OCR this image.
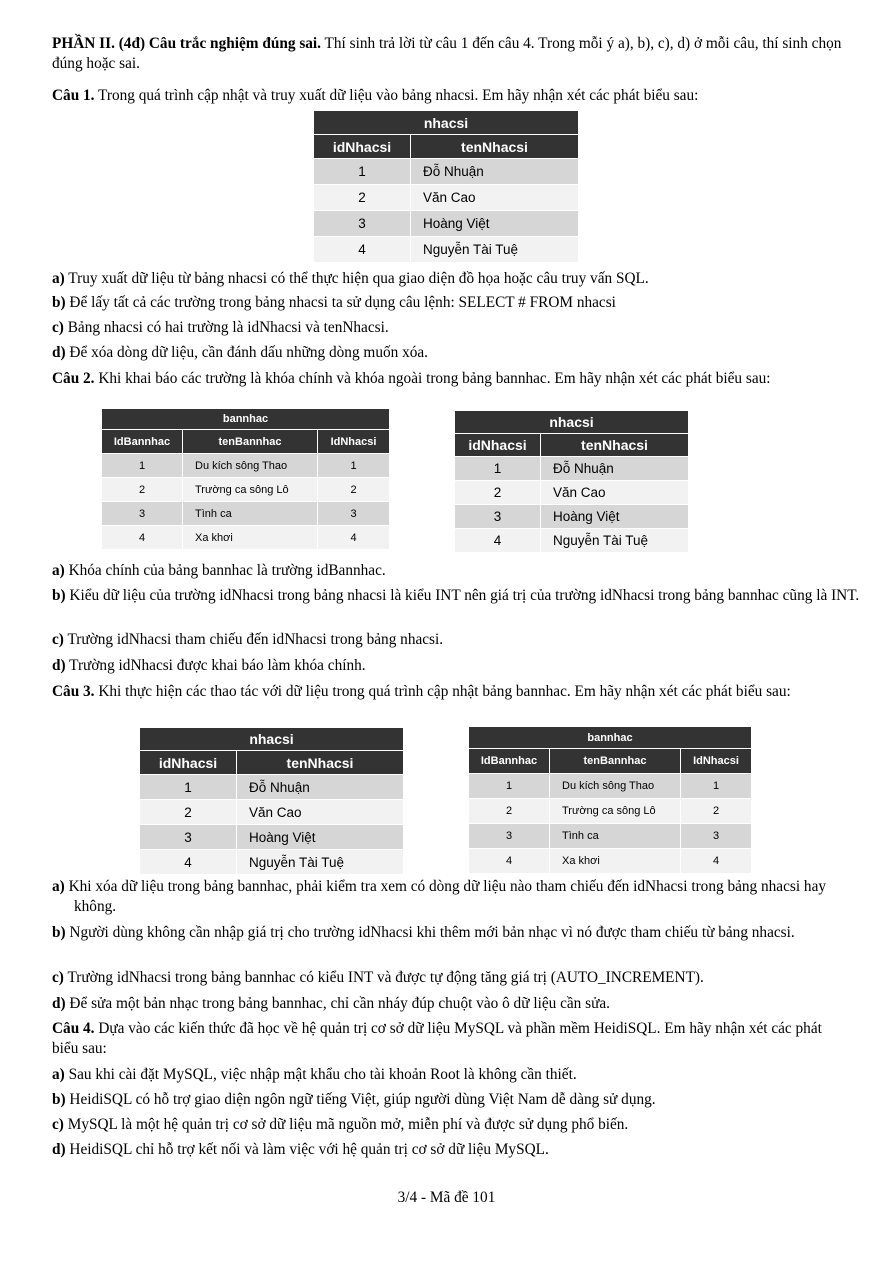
PHẦN II. (4đ) Câu trắc nghiệm đúng sai. Thí sinh trả lời từ câu 1 đến câu 4. Trong mỗi ý a), b), c), d) ở mỗi câu, thí sinh chọn đúng hoặc sai.

Câu 1. Trong quá trình cập nhật và truy xuất dữ liệu vào bảng nhacsi. Em hãy nhận xét các phát biểu sau:

nhacsi	
idNhacsi	tenNhacsi
1	Đỗ Nhuận
2	Văn Cao
3	Hoàng Việt
4	Nguyễn Tài Tuệ

a) Truy xuất dữ liệu từ bảng nhacsi có thể thực hiện qua giao diện đồ họa hoặc câu truy vấn SQL.

b) Để lấy tất cả các trường trong bảng nhacsi ta sử dụng câu lệnh: SELECT # FROM nhacsi

c) Bảng nhacsi có hai trường là idNhacsi và tenNhacsi.

d) Để xóa dòng dữ liệu, cần đánh dấu những dòng muốn xóa.

Câu 2. Khi khai báo các trường là khóa chính và khóa ngoài trong bảng bannhac. Em hãy nhận xét các phát biểu sau:

bannhac		
IdBannhac	tenBannhac	IdNhacsi
1	Du kích sông Thao	1
2	Trường ca sông Lô	2
3	Tình ca	3
4	Xa khơi	4
nhacsi	
idNhacsi	tenNhacsi
1	Đỗ Nhuận
2	Văn Cao
3	Hoàng Việt
4	Nguyễn Tài Tuệ

a) Khóa chính của bảng bannhac là trường idBannhac.

b) Kiểu dữ liệu của trường idNhacsi trong bảng nhacsi là kiểu INT nên giá trị của trường idNhacsi trong bảng bannhac cũng là INT.

c) Trường idNhacsi tham chiếu đến idNhacsi trong bảng nhacsi.

d) Trường idNhacsi được khai báo làm khóa chính.

Câu 3. Khi thực hiện các thao tác với dữ liệu trong quá trình cập nhật bảng bannhac. Em hãy nhận xét các phát biểu sau:

nhacsi	
idNhacsi	tenNhacsi
1	Đỗ Nhuận
2	Văn Cao
3	Hoàng Việt
4	Nguyễn Tài Tuệ
bannhac		
IdBannhac	tenBannhac	IdNhacsi
1	Du kích sông Thao	1
2	Trường ca sông Lô	2
3	Tình ca	3
4	Xa khơi	4

a) Khi xóa dữ liệu trong bảng bannhac, phải kiểm tra xem có dòng dữ liệu nào tham chiếu đến idNhacsi trong bảng nhacsi hay không.

b) Người dùng không cần nhập giá trị cho trường idNhacsi khi thêm mới bản nhạc vì nó được tham chiếu từ bảng nhacsi.

c) Trường idNhacsi trong bảng bannhac có kiểu INT và được tự động tăng giá trị (AUTO_INCREMENT).

d) Để sửa một bản nhạc trong bảng bannhac, chỉ cần nháy đúp chuột vào ô dữ liệu cần sửa.

Câu 4. Dựa vào các kiến thức đã học về hệ quản trị cơ sở dữ liệu MySQL và phần mềm HeidiSQL. Em hãy nhận xét các phát biểu sau:

a) Sau khi cài đặt MySQL, việc nhập mật khẩu cho tài khoản Root là không cần thiết.

b) HeidiSQL có hỗ trợ giao diện ngôn ngữ tiếng Việt, giúp người dùng Việt Nam dễ dàng sử dụng.

c) MySQL là một hệ quản trị cơ sở dữ liệu mã nguồn mở, miễn phí và được sử dụng phổ biến.

d) HeidiSQL chỉ hỗ trợ kết nối và làm việc với hệ quản trị cơ sở dữ liệu MySQL.

3/4 - Mã đề 101
